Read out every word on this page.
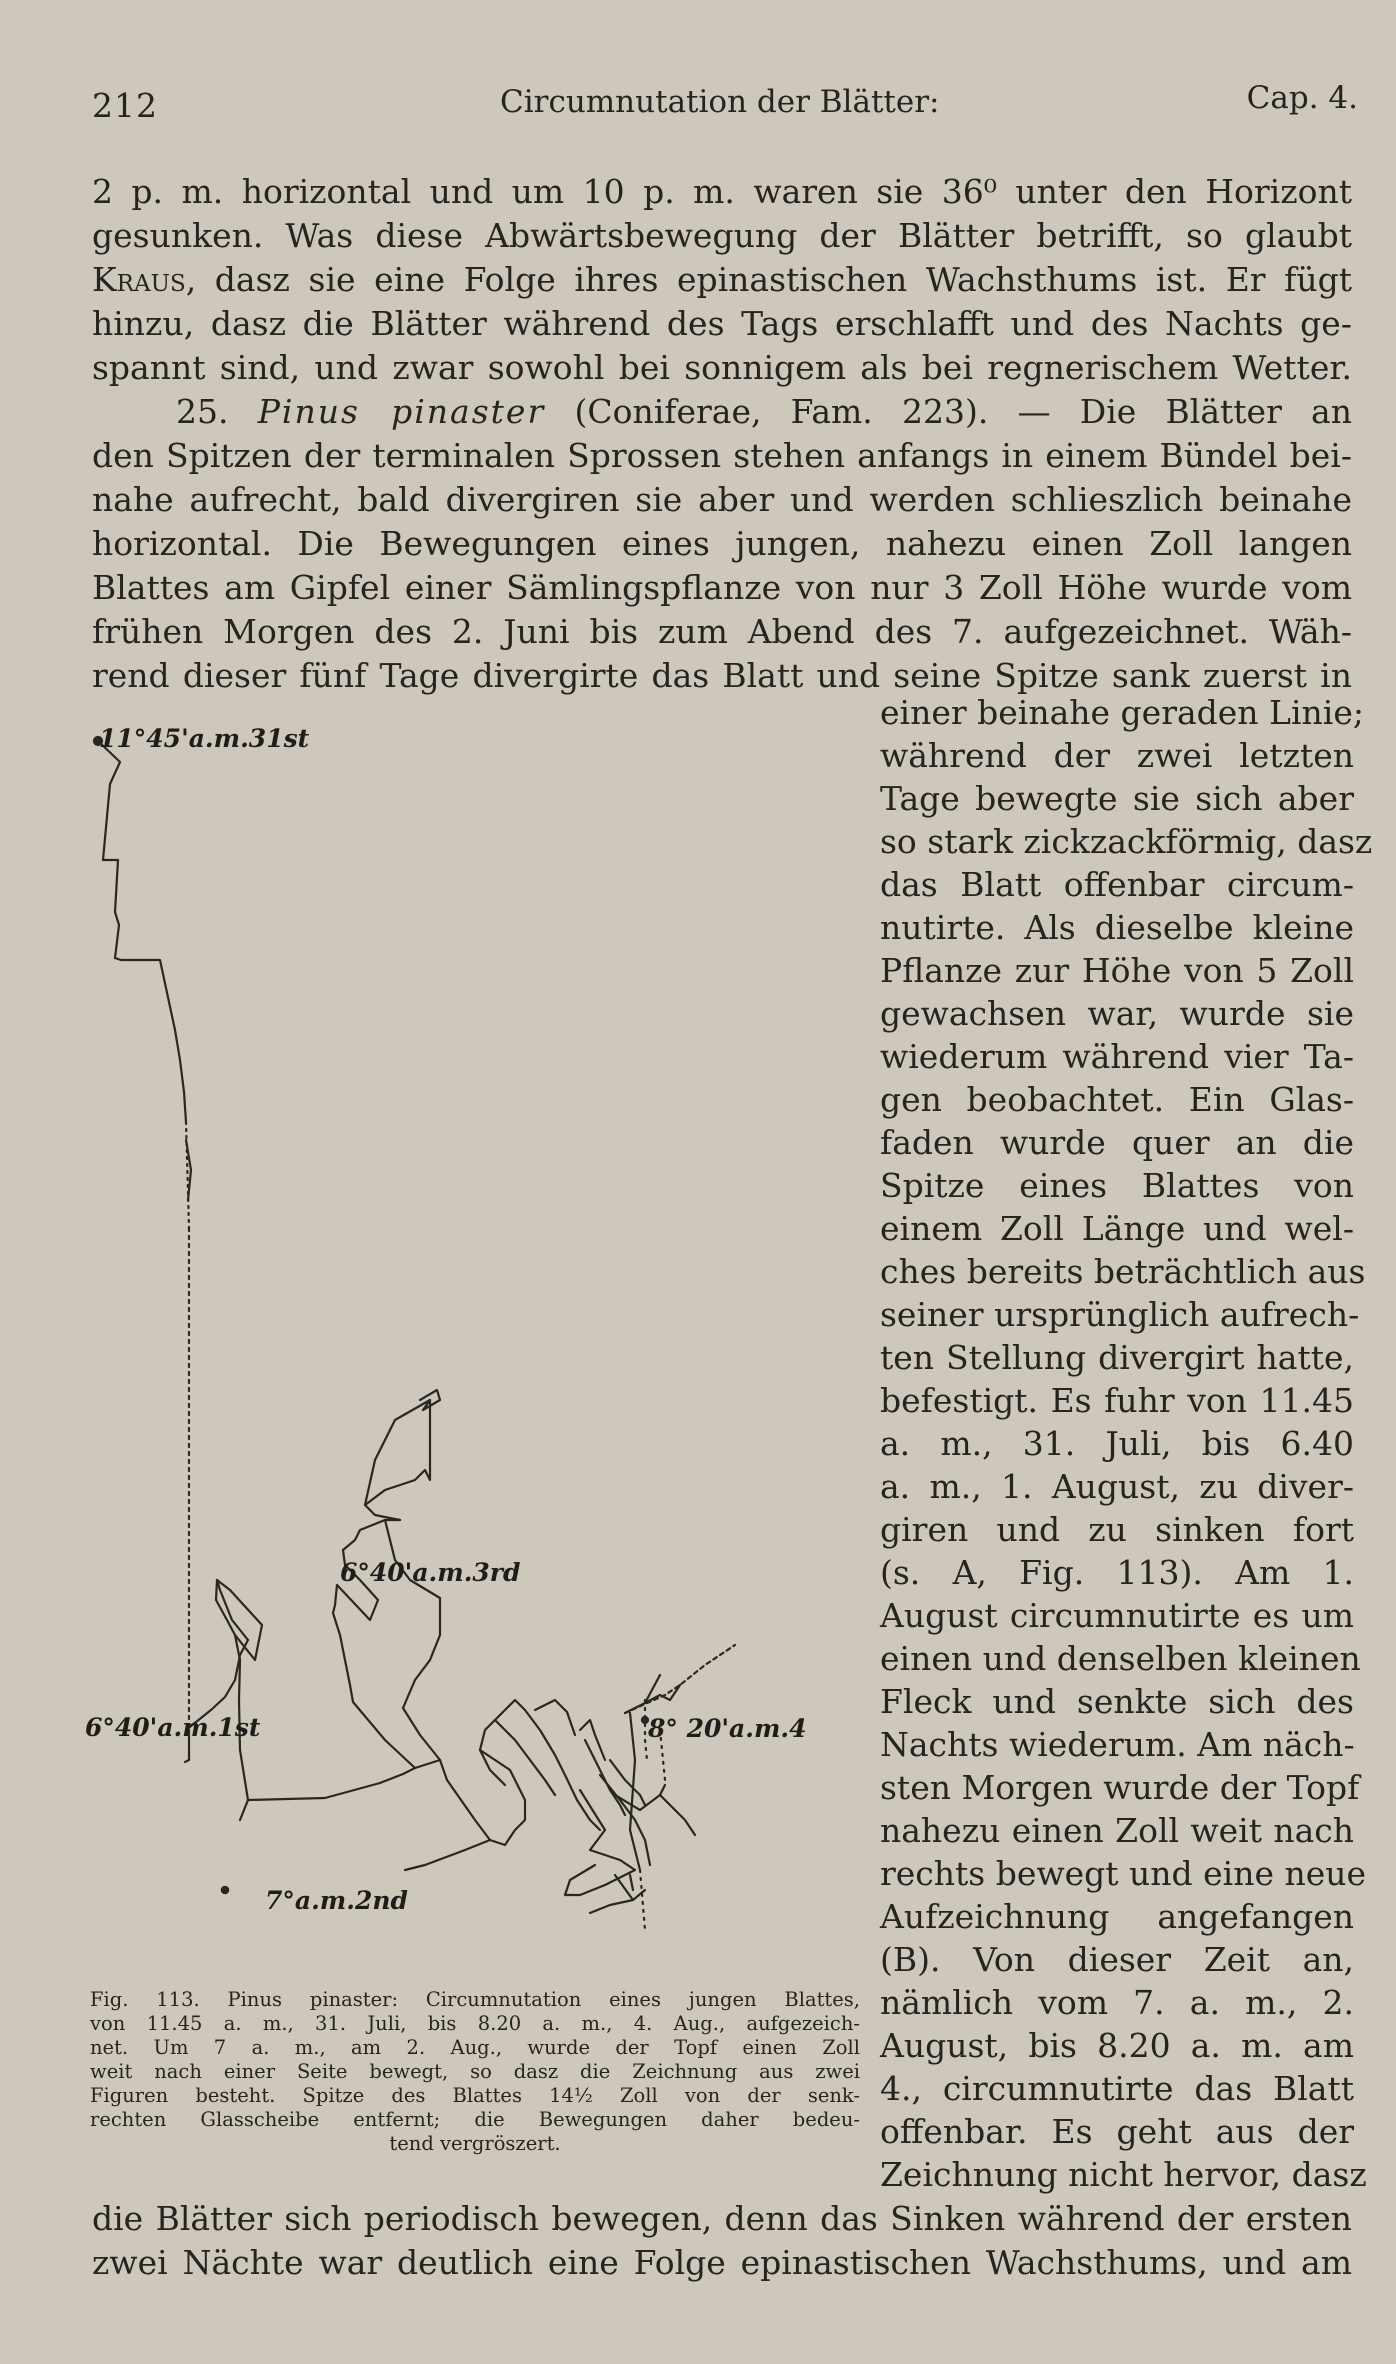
212	Circumnutation der Blätter:	Cap. 4.
2 p. m. horizontal und um 10 p. m. waren sie 36⁰ unter den Horizont
gesunken. Was diese Abwärtsbewegung der Blätter betrifft, so glaubt
Kraus, dasz sie eine Folge ihres epinastischen Wachsthums ist. Er fügt
hinzu, dasz die Blätter während des Tags erschlafft und des Nachts ge-
spannt sind, und zwar sowohl bei sonnigem als bei regnerischem Wetter.
25. Pinus pinaster (Coniferae, Fam. 223). — Die Blätter an
den Spitzen der terminalen Sprossen stehen anfangs in einem Bündel bei-
nahe aufrecht, bald divergiren sie aber und werden schlieszlich beinahe
horizontal. Die Bewegungen eines jungen, nahezu einen Zoll langen
Blattes am Gipfel einer Sämlingspflanze von nur 3 Zoll Höhe wurde vom
frühen Morgen des 2. Juni bis zum Abend des 7. aufgezeichnet. Wäh-
rend dieser fünf Tage divergirte das Blatt und seine Spitze sank zuerst in
einer beinahe geraden Linie;
während der zwei letzten
Tage bewegte sie sich aber
so stark zickzackförmig, dasz
das Blatt offenbar circum-
nutirte. Als dieselbe kleine
Pflanze zur Höhe von 5 Zoll
gewachsen war, wurde sie
wiederum während vier Ta-
gen beobachtet. Ein Glas-
faden wurde quer an die
Spitze eines Blattes von
einem Zoll Länge und wel-
ches bereits beträchtlich aus
seiner ursprünglich aufrech-
ten Stellung divergirt hatte,
befestigt. Es fuhr von 11.45
a. m., 31. Juli, bis 6.40
a. m., 1. August, zu diver-
giren und zu sinken fort
(s. A, Fig. 113). Am 1.
August circumnutirte es um
einen und denselben kleinen
Fleck und senkte sich des
Nachts wiederum. Am näch-
sten Morgen wurde der Topf
nahezu einen Zoll weit nach
rechts bewegt und eine neue
Aufzeichnung angefangen
(B). Von dieser Zeit an,
nämlich vom 7. a. m., 2.
August, bis 8.20 a. m. am
4., circumnutirte das Blatt
offenbar. Es geht aus der
Zeichnung nicht hervor, dasz
die Blätter sich periodisch bewegen, denn das Sinken während der ersten
zwei Nächte war deutlich eine Folge epinastischen Wachsthums, und am
11°45'a.m.31st
6°40'a.m.1st
6°40'a.m.3rd
8° 20'a.m.4
7°a.m.2nd
Fig. 113. Pinus pinaster: Circumnutation eines jungen Blattes,
von 11.45 a. m., 31. Juli, bis 8.20 a. m., 4. Aug., aufgezeich-
net. Um 7 a. m., am 2. Aug., wurde der Topf einen Zoll
weit nach einer Seite bewegt, so dasz die Zeichnung aus zwei
Figuren besteht. Spitze des Blattes 14½ Zoll von der senk-
rechten Glasscheibe entfernt; die Bewegungen daher bedeu-
tend vergröszert.
